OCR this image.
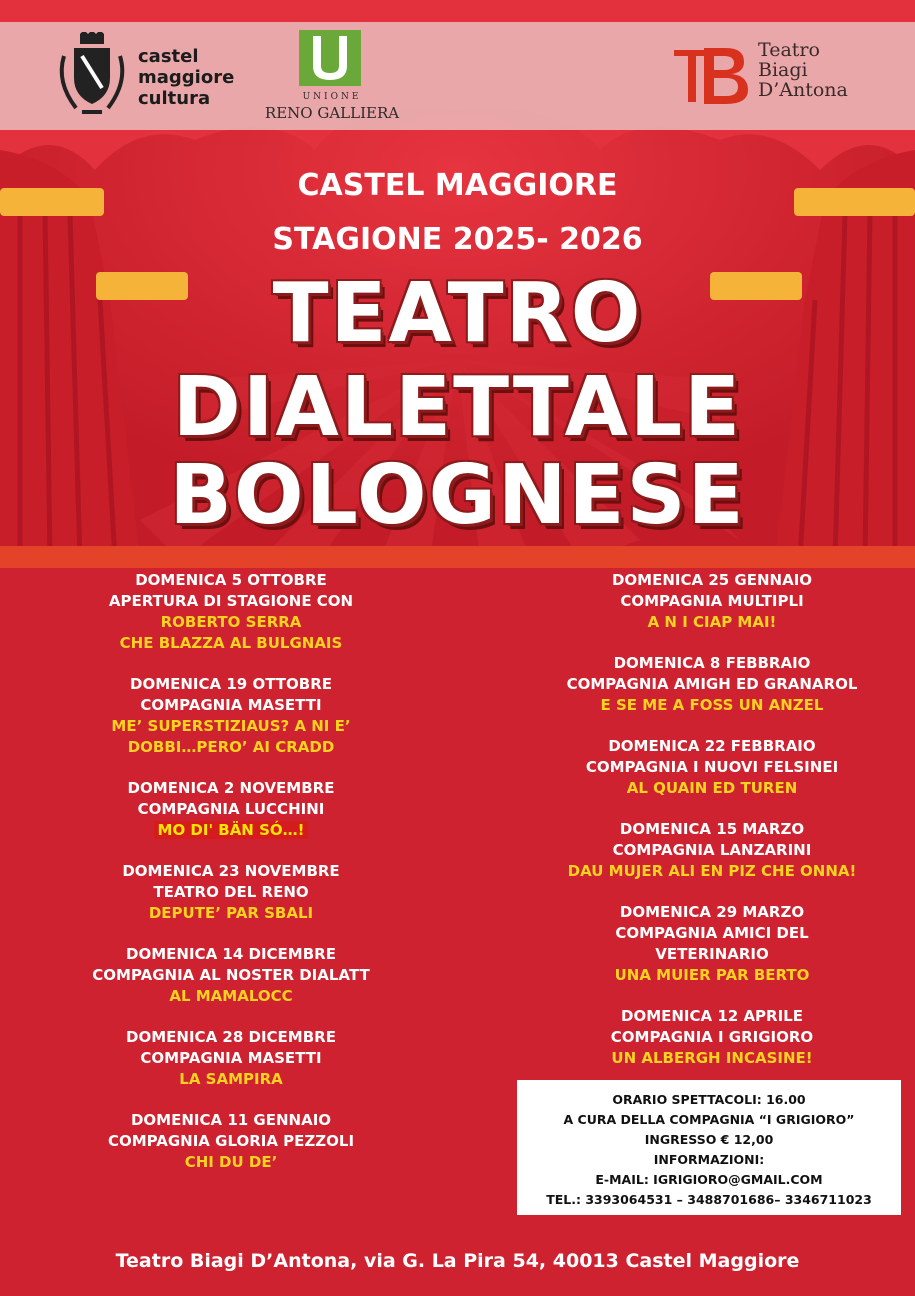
castel
maggiore
cultura	UNIONE
RENO GALLIERA
Teatro
Biagi
D’Antona
CASTEL MAGGIORE
STAGIONE 2025- 2026
TEATRO
DIALETTALE
BOLOGNESE
DOMENICA 5 OTTOBRE
APERTURA DI STAGIONE CON
ROBERTO SERRA
CHE BLAZZA AL BULGNAIS
DOMENICA 19 OTTOBRE
COMPAGNIA MASETTI
ME’ SUPERSTIZIAUS? A NI E’
DOBBI…PERO’ AI CRADD
DOMENICA 2 NOVEMBRE
COMPAGNIA LUCCHINI
MO DI' BÄN SÓ…!
DOMENICA 23 NOVEMBRE
TEATRO DEL RENO
DEPUTE’ PAR SBALI
DOMENICA 14 DICEMBRE
COMPAGNIA AL NOSTER DIALATT
AL MAMALOCC
DOMENICA 28 DICEMBRE
COMPAGNIA MASETTI
LA SAMPIRA
DOMENICA 11 GENNAIO
COMPAGNIA GLORIA PEZZOLI
CHI DU DE’
DOMENICA 25 GENNAIO
COMPAGNIA MULTIPLI
A N I CIAP MAI!
DOMENICA 8 FEBBRAIO
COMPAGNIA AMIGH ED GRANAROL
E SE ME A FOSS UN ANZEL
DOMENICA 22 FEBBRAIO
COMPAGNIA I NUOVI FELSINEI
AL QUAIN ED TUREN
DOMENICA 15 MARZO
COMPAGNIA LANZARINI
DAU MUJER ALI EN PIZ CHE ONNA!
DOMENICA 29 MARZO
COMPAGNIA AMICI DEL
VETERINARIO
UNA MUIER PAR BERTO
DOMENICA 12 APRILE
COMPAGNIA I GRIGIORO
UN ALBERGH INCASINE!
ORARIO SPETTACOLI: 16.00
A CURA DELLA COMPAGNIA “I GRIGIORO”
INGRESSO € 12,00
INFORMAZIONI:
E-MAIL: IGRIGIORO@GMAIL.COM
TEL.: 3393064531 – 3488701686– 3346711023
Teatro Biagi D’Antona, via G. La Pira 54, 40013 Castel Maggiore
